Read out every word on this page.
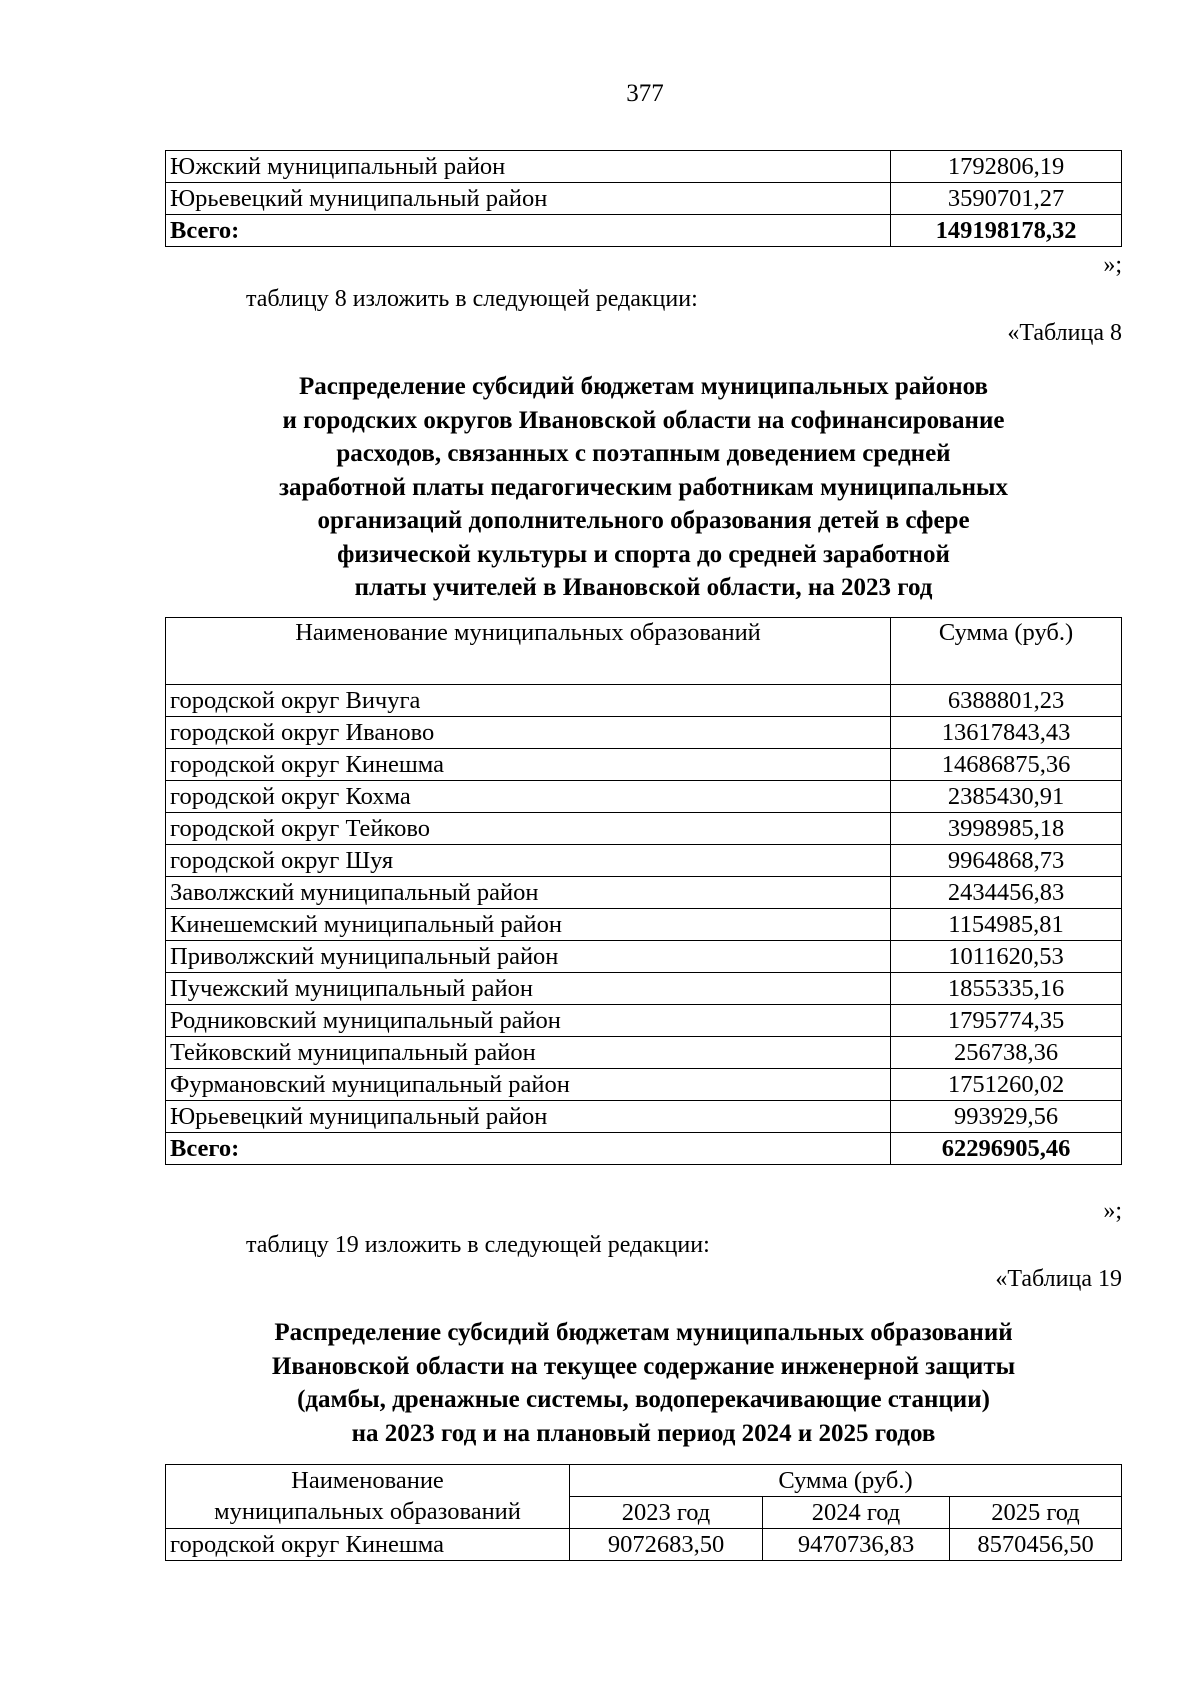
377
Южский муниципальный район	1792806,19
Юрьевецкий муниципальный район	3590701,27
Всего:	149198178,32
»;
таблицу 8 изложить в следующей редакции:
«Таблица 8
Распределение субсидий бюджетам муниципальных районов
и городских округов Ивановской области на софинансирование
расходов, связанных с поэтапным доведением средней
заработной платы педагогическим работникам муниципальных
организаций дополнительного образования детей в сфере
физической культуры и спорта до средней заработной
платы учителей в Ивановской области, на 2023 год
Наименование муниципальных образований	Сумма (руб.)
городской округ Вичуга	6388801,23
городской округ Иваново	13617843,43
городской округ Кинешма	14686875,36
городской округ Кохма	2385430,91
городской округ Тейково	3998985,18
городской округ Шуя	9964868,73
Заволжский муниципальный район	2434456,83
Кинешемский муниципальный район	1154985,81
Приволжский муниципальный район	1011620,53
Пучежский муниципальный район	1855335,16
Родниковский муниципальный район	1795774,35
Тейковский муниципальный район	256738,36
Фурмановский муниципальный район	1751260,02
Юрьевецкий муниципальный район	993929,56
Всего:	62296905,46
»;
таблицу 19 изложить в следующей редакции:
«Таблица 19
Распределение субсидий бюджетам муниципальных образований
Ивановской области на текущее содержание инженерной защиты
(дамбы, дренажные системы, водоперекачивающие станции)
на 2023 год и на плановый период 2024 и 2025 годов
Наименование	Сумма (руб.)		
муниципальных образований	2023 год	2024 год	2025 год
городской округ Кинешма	9072683,50	9470736,83	8570456,50
